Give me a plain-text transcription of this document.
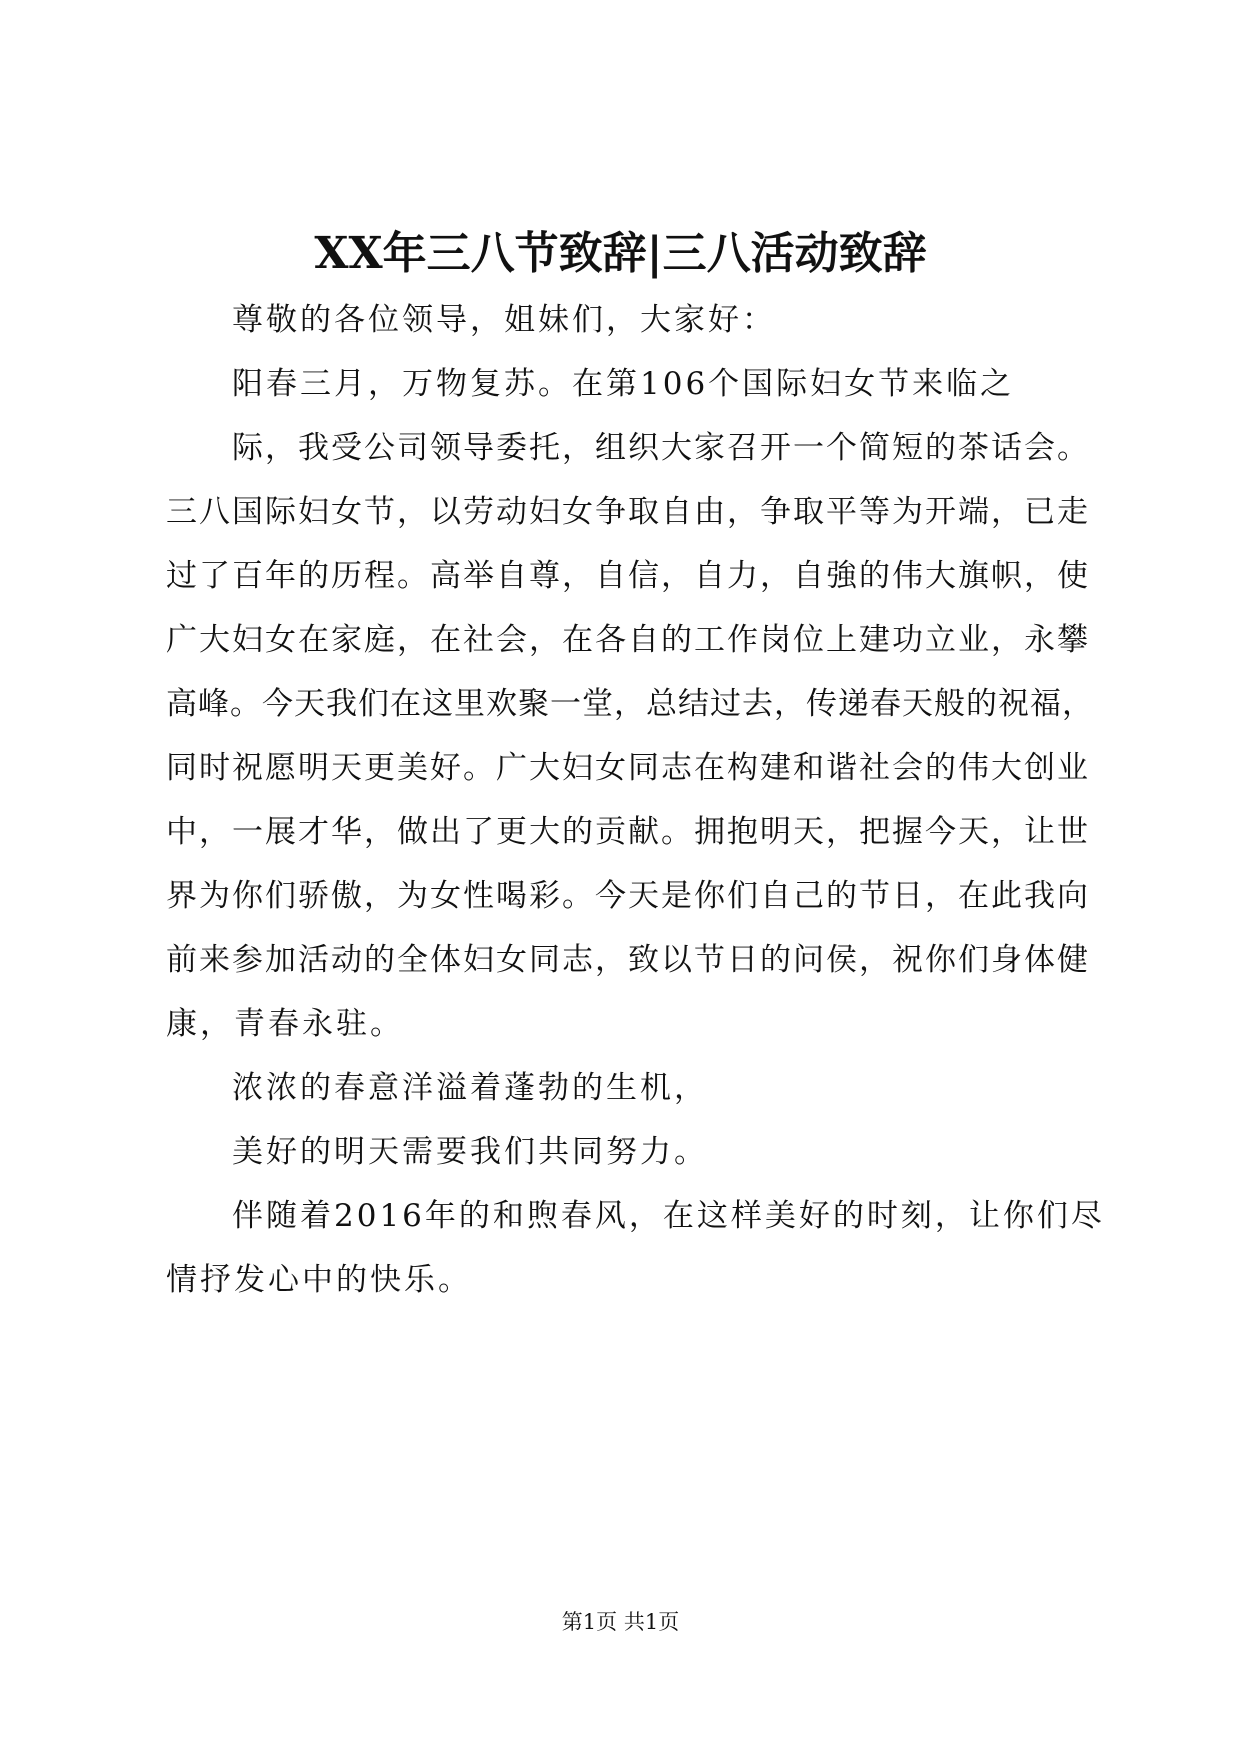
XX年三八节致辞|三八活动致辞
尊敬的各位领导，姐妹们，大家好：
阳春三月，万物复苏。在第106个国际妇女节来临之
际，我受公司领导委托，组织大家召开一个简短的茶话会。
三八国际妇女节，以劳动妇女争取自由，争取平等为开端，已走
过了百年的历程。高举自尊，自信，自力，自強的伟大旗帜，使
广大妇女在家庭，在社会，在各自的工作岗位上建功立业，永攀
高峰。今天我们在这里欢聚一堂，总结过去，传递春天般的祝福，
同时祝愿明天更美好。广大妇女同志在构建和谐社会的伟大创业
中，一展才华，做出了更大的贡献。拥抱明天，把握今天，让世
界为你们骄傲，为女性喝彩。今天是你们自己的节日，在此我向
前来参加活动的全体妇女同志，致以节日的问侯，祝你们身体健
康，青春永驻。
浓浓的春意洋溢着蓬勃的生机，
美好的明天需要我们共同努力。
伴随着2016年的和煦春风，在这样美好的时刻，让你们尽
情抒发心中的快乐。
第1页 共1页
